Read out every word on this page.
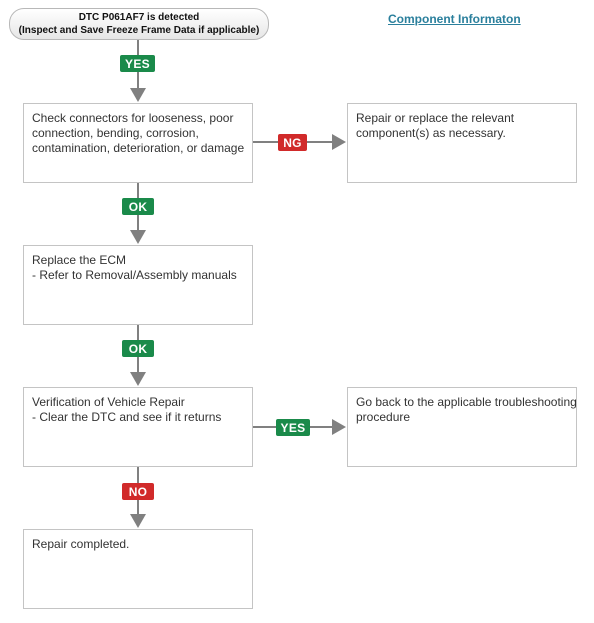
DTC P061AF7 is detected
(Inspect and Save Freeze Frame Data if applicable)
Component Informaton
Check connectors for looseness, poor
connection, bending, corrosion,
contamination, deterioration, or damage
Repair or replace the relevant
component(s) as necessary.
Replace the ECM
- Refer to Removal/Assembly manuals
Verification of Vehicle Repair
- Clear the DTC and see if it returns
Go back to the applicable troubleshooting
procedure
Repair completed.
YES
NG
OK
OK
YES
NO
